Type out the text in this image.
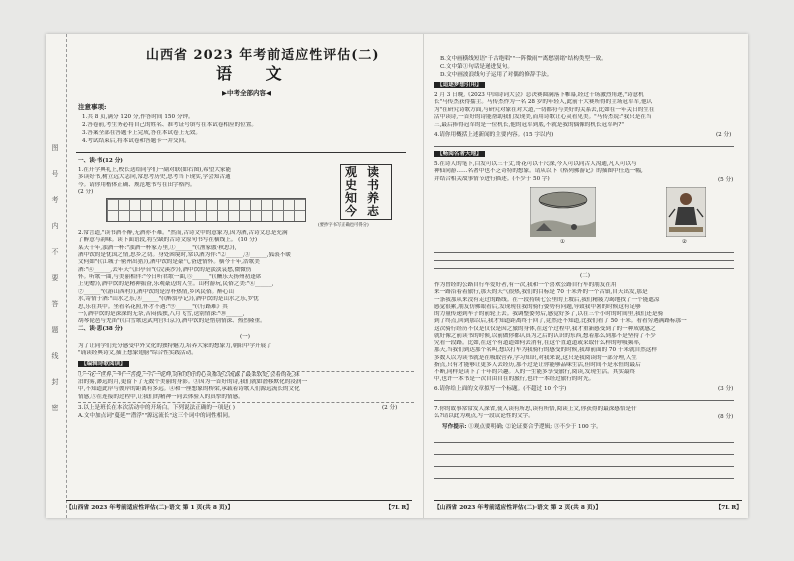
图
号
考
内
不
要
答
题
线
封
密
山西省 2023 年考前适应性评估(二)
语 文
▶中考全部内容◀
注意事项:
1.共 8 页,满分 120 分,作答时间 150 分钟。
2.答卷前,考生务必将自己的姓名、准考证号填写在本试卷相应的位置。
3.答案全部在答题卡上完成,答在本试卷上无效。
4.考试结束后,将本试卷和答题卡一并交回。
一、读·书(12 分)
1.在开学典礼上,校长送给同学们一副对联(如右图),希望大家能
多读好书,树立远大志向,常思考历史,思考当下现实,学会知古通
今。请你用楷体正确、规范地书写在田字格内。
(2 分)
读
书
养
志
观
史
知
今
(要抄字书写正确也可得分)
2.常言道,"读书酒不醉,无酒亦不难。"然而,古诗文中的意象为,因为酒,古诗文总是充满
了醉意与韵味。读下面语段,将空缺的古诗文原句书写在横线上。 (10 分)
某天十年,浊酒一杯:"浊酒一杯家万里,①______"(《渔家傲·秋思》),
酒中饮的是忧国之情,思乡之切。身处困境时,常以酒为伴:"②______,③______,狐裘不暖
文何如"(《江城子·密州出猎》),酒中饮的是豪气,奋进情怀。横今千年,浩歌美
酒:"④______,去年天气旧亭台"(《浣溪沙》),酒中饮的是淡淡哀愁,微微伤
怀。听歌一曲,与美丽相伴:"今日听君歌一曲,⑤______"(《酬乐天扬州初逢席
上见赠》),酒中饮的是精神振奋,乐观豪迈的人生。山村游玩,民俗之美:"⑥______,
⑦______"(《游山西村》),酒中饮的是淳朴热情,乡风民俗。醉心山
水,寄情于酒:"山水之乐,⑧______"(《醉翁亭记》),酒中饮的是山水之乐,罗忧
思,乐在其中。坐看名花照,怀才不遇:"⑨______"(《行路难》其
一),酒中饮的是深深的无奈,苦闷孤独,八月飞雪,送别情深:"⑩______,
胡琴琵琶与羌笛"(《白雪歌送武判官归京》),酒中饮的是惜别情深、热烈隆重。
二、读·思(38 分)
(一)
为了让同学们充分感受中外文化的独特魅力,培养大家的想象力,朝阳中学开展了
"诵读经典诗文,插上想象翅膀"综合性实践活动。
【编辑诗歌阅读】
①一花一世界,一叶一菩提,一片一乾坤,诗和美好的心灵都是②流露了最柔软处,会着的花,抹
泊的雾,渺远的月,更留下了无数个美丽的身影。③因为一首好的诗,我们就如潜移默化的浸润一
中,不知道此岸与彼岸的距离有多远。④和一座想象的桥梁,承载着诗歌人们源远流长的文化
情感,⑤在连接的过程中,让我们的精神一同去体验人的真挚的情感。
3.以上是班长在本次活动中的开场白。下列说法正确的一项是( )	(2 分)
A.文中加点词"蔓延""潜浮""源远流长"这三个词中的词性相同。
【山西省 2023 年考前适应性评估(二)·语文 第 1 页(共 8 页)】	【7L R】
B.文中画横线短语"千古绝唱""一阵微雨""离愁别绪"结构类型一致。
C.文中第①句话是递进复句。
D.文中画波浪线句子运用了对偶的修辞手法。
【追逐梦想引用】
2 月 3 日晚,《2023 中国诗词大会》总决赛圆满落下帷幕,经过十场激烈角逐,"诗意机
长"马传杰获得擂主。马传杰作为一名 28 岁的年轻人,此前十大赛所得的主场冠军军,他认
为"在研究诗歌方面,与研究对象在对大道,一切都符与美好的关系去,比如在一年关日的生在
活中读诗,一首好的诗能帮助我们发现美,而用诗歌让心灵看见美。"马传杰说:"我只是在当
三,最后捧得冠军的是一位机长,他的冠军到底,不就是我的偶像的机长冠军吗?"
4.请你用概括上述新闻的主要内容。(15 字以内)	(2 分)
【畅阅名著天地】
5.在诗人的笔下,白发可以三千丈,哥花可以千尺深,今人可以同古人沟通,凡人可以与
神仙同游……名著中也不乏奇特的想象。请从以下《格列佛游记》的插图中任选一幅,
并结合相关故事情节进行描述。(不少于 50 字)	(5 分)
①	②
(二)
作为曾经的公路自行车爱好者,有一次,我和一个喜欢公路自行车的朋友在用
来一路沿着着旅行,那天的天气很热,我们的目标是 70 千米外的一个古镇,自天出发,那是
一条我那从来没有走过的路线。在一段持续七公里的上坡后,我们精疲力竭地找了一个能遮凉
感觉很累,朋友仿佛眼看后,发现现在我的骑行姿势有问题,导致我中暑的时候这有足够
的力量传递到车子的前轮上去。我调整姿势后,感觉好多了,以在三个小时的时间里,我们还是骑
到了终点,回到那以后,我才知道距离终于回了,竟然还不知道,比我们看了 50 千米。看看穷遇满路标那一
这次骑行经历不仅是仅仅是因之旅的身体,在这个过程中,我才重新感受到了的一种成就感之
就好像之前读书的时候,以前做你都认真为之后的认识的东西,想着那么到那不是坚持了不少
究看一段路。比如,在这个有道道如何去消有,在这个直道道或采取什么样的呼吸频率,
那天,当我们到达那个名叫,想以打车为我骑行的感受的时候,我却前面的 70 千米就自然这样
多数人以为读书就是在吸取营养,学习知识,对我来说,这只是我阅读的一部分理,人生
指点,只有才能够让更多人去经历,那不过是让你能够品味生活,但时间不是永恒的最后
不断,同样是读下了十年的兴趣。人的一生能多享受旅行,阅读,发现生活。其实最终
中,也许一本书是一次自由自在的旅行,也许一本经过旅行的时光。
6.请你给上面的文章拟写一个标题。(不超过 10 个字)	(3 分)
7.你的故事常常发人深省,使人读有所思,读有所悟,阅读上文,你获得的最深感悟是什
么?请以此为观点,写一段议论性的文字。	(8 分)
写作提示: ①观点要明确; ②论证要合乎逻辑; ③不少于 100 字。
【山西省 2023 年考前适应性评估(二)·语文 第 2 页(共 8 页)】	【7L R】
